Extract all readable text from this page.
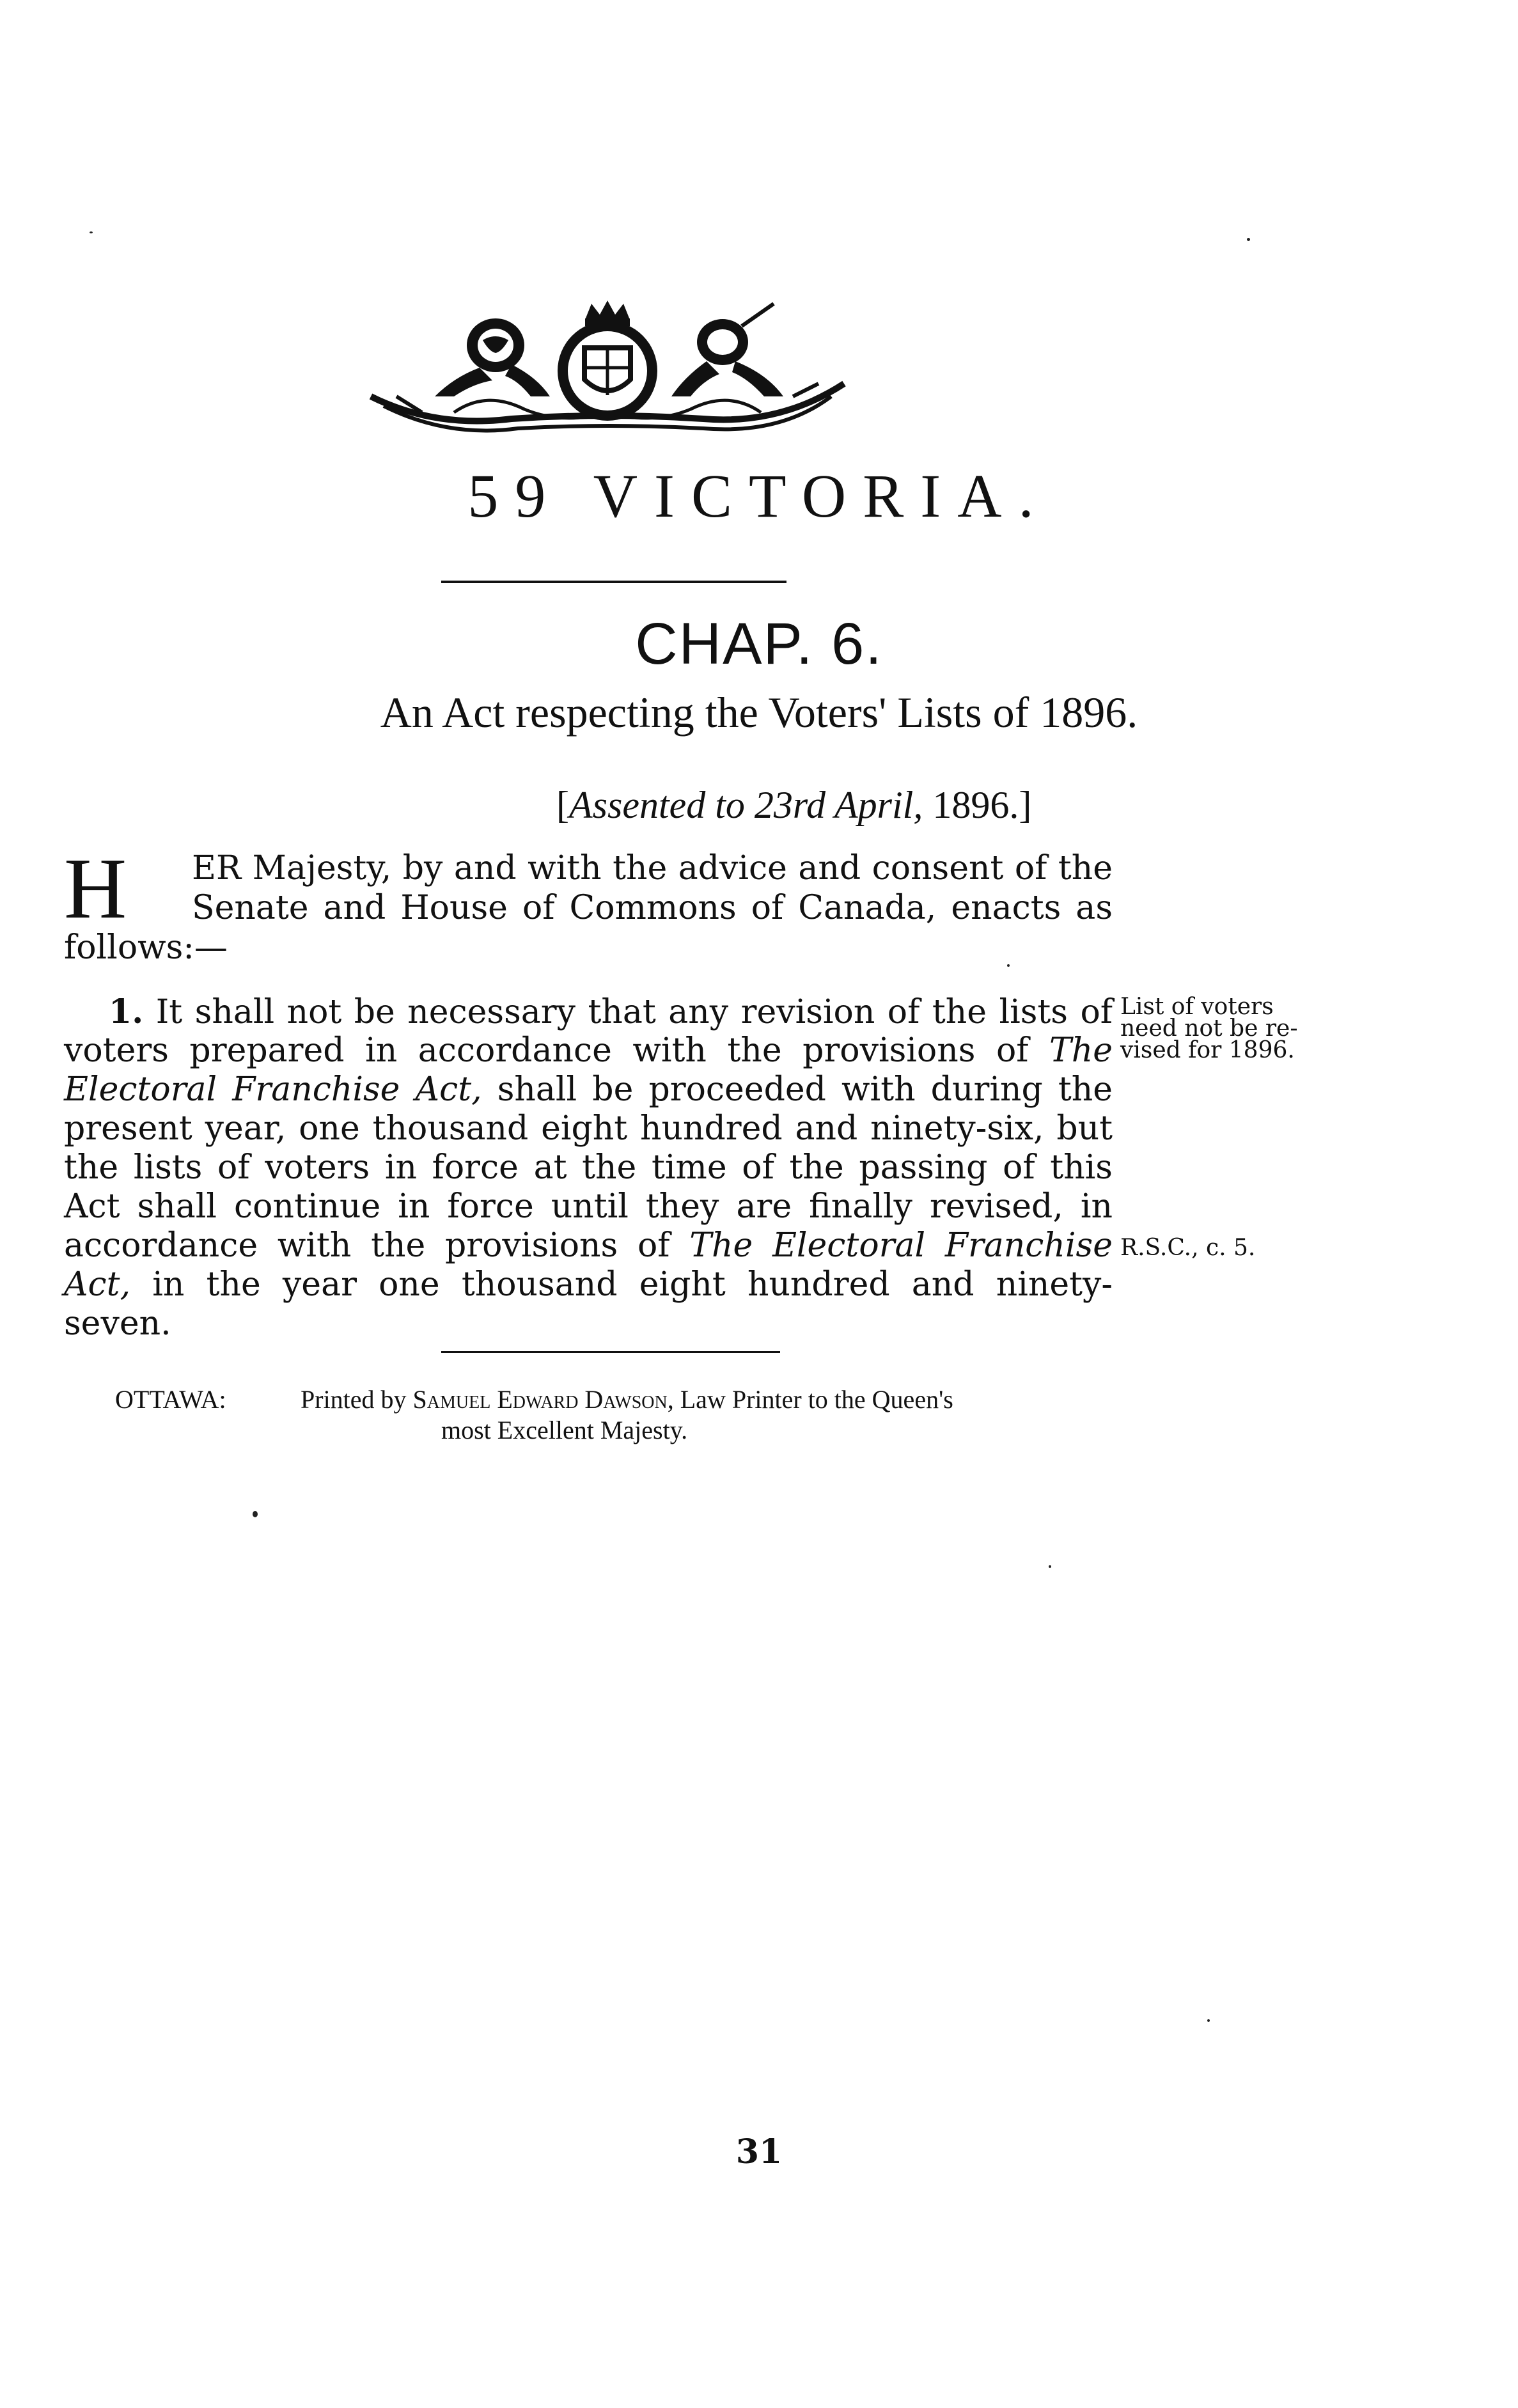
59 VICTORIA.
CHAP. 6.
An Act respecting the Voters' Lists of 1896.
[Assented to 23rd April, 1896.]
H ER Majesty, by and with the advice and consent of the
Senate and House of Commons of Canada, enacts as
follows:—
1. It shall not be necessary that any revision of the lists of
voters prepared in accordance with the provisions of The
Electoral Franchise Act, shall be proceeded with during the
present year, one thousand eight hundred and ninety-six, but
the lists of voters in force at the time of the passing of this
Act shall continue in force until they are finally revised, in
accordance with the provisions of The Electoral Franchise
Act, in the year one thousand eight hundred and ninety-seven.
List of voters need not be re-vised for 1896.
R.S.C., c. 5.
OTTAWA:	Printed by Samuel Edward Dawson, Law Printer to the Queen's
most Excellent Majesty.
31
